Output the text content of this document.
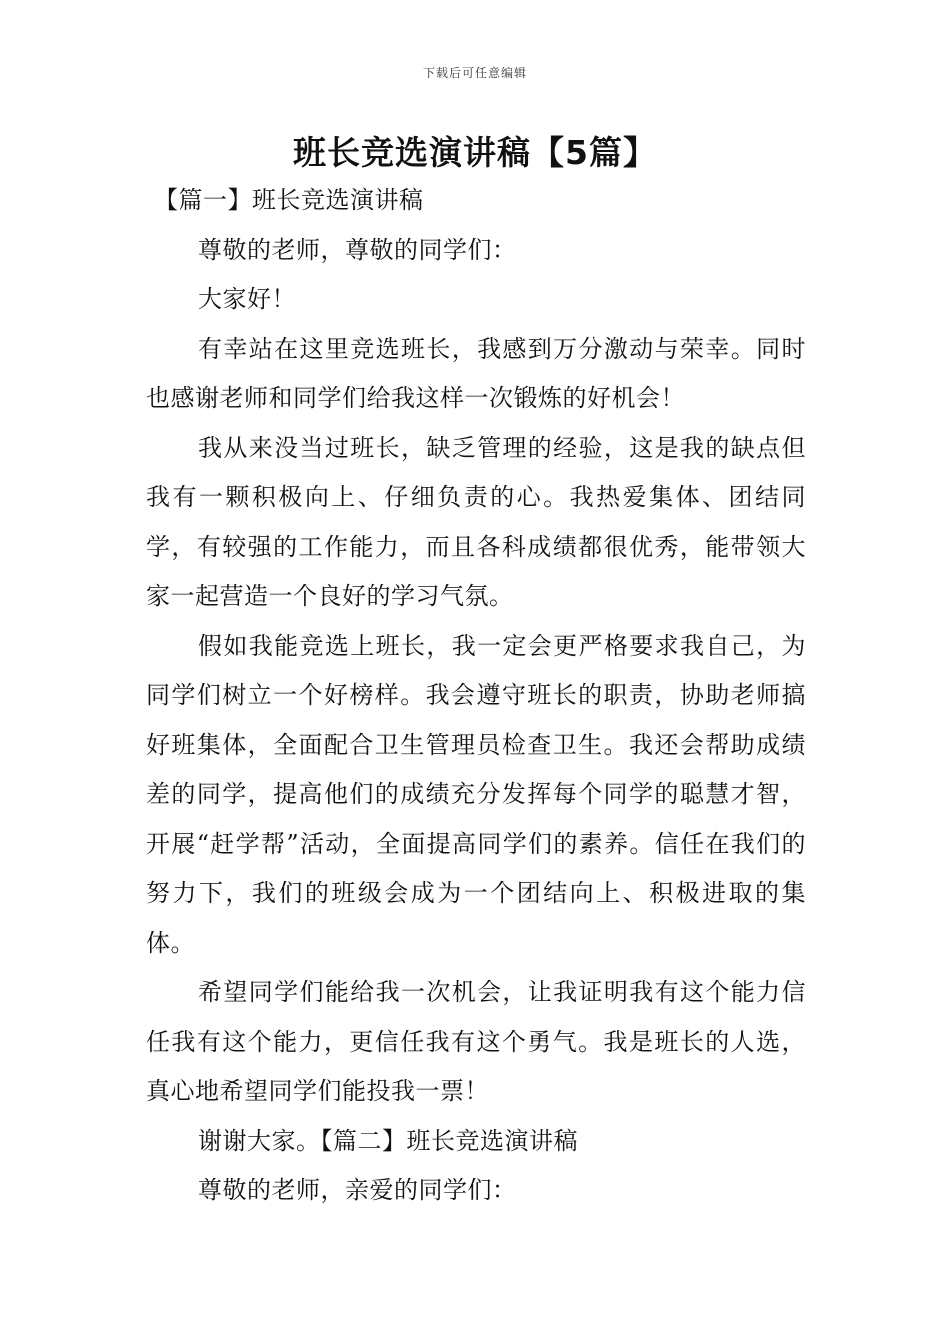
下载后可任意编辑
班长竞选演讲稿【5篇】

【篇一】班长竞选演讲稿

尊敬的老师，尊敬的同学们：

大家好！

有幸站在这里竞选班长，我感到万分激动与荣幸。同时也感谢老师和同学们给我这样一次锻炼的好机会！

我从来没当过班长，缺乏管理的经验，这是我的缺点但我有一颗积极向上、仔细负责的心。我热爱集体、团结同学，有较强的工作能力，而且各科成绩都很优秀，能带领大家一起营造一个良好的学习气氛。

假如我能竞选上班长，我一定会更严格要求我自己，为同学们树立一个好榜样。我会遵守班长的职责，协助老师搞好班集体，全面配合卫生管理员检查卫生。我还会帮助成绩差的同学，提高他们的成绩充分发挥每个同学的聪慧才智，开展“赶学帮”活动，全面提高同学们的素养。信任在我们的努力下，我们的班级会成为一个团结向上、积极进取的集体。

希望同学们能给我一次机会，让我证明我有这个能力信任我有这个能力，更信任我有这个勇气。我是班长的人选，真心地希望同学们能投我一票！

谢谢大家。【篇二】班长竞选演讲稿

尊敬的老师，亲爱的同学们：
